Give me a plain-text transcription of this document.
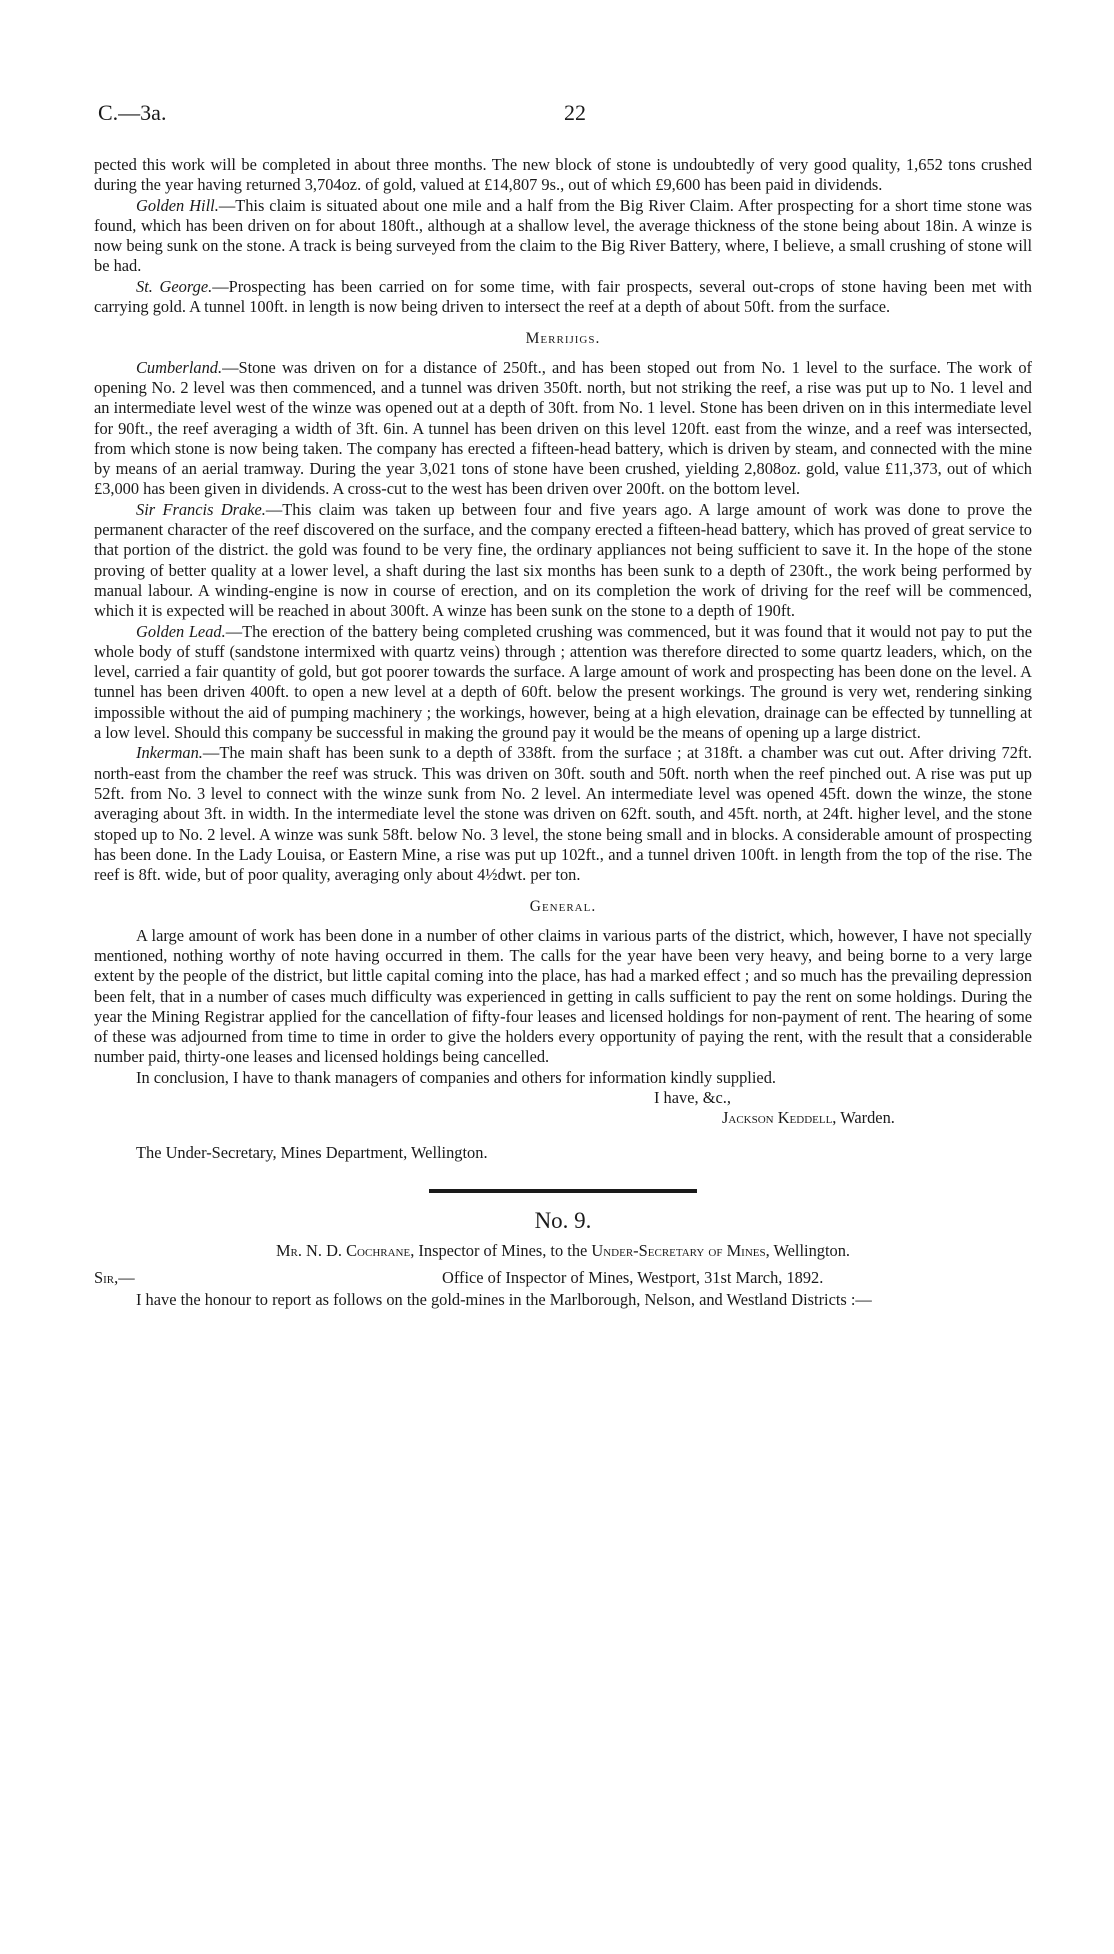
C.—3a.	22

pected this work will be completed in about three months. The new block of stone is undoubtedly of very good quality, 1,652 tons crushed during the year having returned 3,704oz. of gold, valued at £14,807 9s., out of which £9,600 has been paid in dividends.

Golden Hill.—This claim is situated about one mile and a half from the Big River Claim. After prospecting for a short time stone was found, which has been driven on for about 180ft., although at a shallow level, the average thickness of the stone being about 18in. A winze is now being sunk on the stone. A track is being surveyed from the claim to the Big River Battery, where, I believe, a small crushing of stone will be had.

St. George.—Prospecting has been carried on for some time, with fair prospects, several out-crops of stone having been met with carrying gold. A tunnel 100ft. in length is now being driven to intersect the reef at a depth of about 50ft. from the surface.

Merrijigs.

Cumberland.—Stone was driven on for a distance of 250ft., and has been stoped out from No. 1 level to the surface. The work of opening No. 2 level was then commenced, and a tunnel was driven 350ft. north, but not striking the reef, a rise was put up to No. 1 level and an intermediate level west of the winze was opened out at a depth of 30ft. from No. 1 level. Stone has been driven on in this intermediate level for 90ft., the reef averaging a width of 3ft. 6in. A tunnel has been driven on this level 120ft. east from the winze, and a reef was intersected, from which stone is now being taken. The company has erected a fifteen-head battery, which is driven by steam, and connected with the mine by means of an aerial tramway. During the year 3,021 tons of stone have been crushed, yielding 2,808oz. gold, value £11,373, out of which £3,000 has been given in dividends. A cross-cut to the west has been driven over 200ft. on the bottom level.

Sir Francis Drake.—This claim was taken up between four and five years ago. A large amount of work was done to prove the permanent character of the reef discovered on the surface, and the company erected a fifteen-head battery, which has proved of great service to that portion of the district. the gold was found to be very fine, the ordinary appliances not being sufficient to save it. In the hope of the stone proving of better quality at a lower level, a shaft during the last six months has been sunk to a depth of 230ft., the work being performed by manual labour. A winding-engine is now in course of erection, and on its completion the work of driving for the reef will be commenced, which it is expected will be reached in about 300ft. A winze has been sunk on the stone to a depth of 190ft.

Golden Lead.—The erection of the battery being completed crushing was commenced, but it was found that it would not pay to put the whole body of stuff (sandstone intermixed with quartz veins) through ; attention was therefore directed to some quartz leaders, which, on the level, carried a fair quantity of gold, but got poorer towards the surface. A large amount of work and prospecting has been done on the level. A tunnel has been driven 400ft. to open a new level at a depth of 60ft. below the present workings. The ground is very wet, rendering sinking impossible without the aid of pumping machinery ; the workings, however, being at a high elevation, drainage can be effected by tunnelling at a low level. Should this company be successful in making the ground pay it would be the means of opening up a large district.

Inkerman.—The main shaft has been sunk to a depth of 338ft. from the surface ; at 318ft. a chamber was cut out. After driving 72ft. north-east from the chamber the reef was struck. This was driven on 30ft. south and 50ft. north when the reef pinched out. A rise was put up 52ft. from No. 3 level to connect with the winze sunk from No. 2 level. An intermediate level was opened 45ft. down the winze, the stone averaging about 3ft. in width. In the intermediate level the stone was driven on 62ft. south, and 45ft. north, at 24ft. higher level, and the stone stoped up to No. 2 level. A winze was sunk 58ft. below No. 3 level, the stone being small and in blocks. A considerable amount of prospecting has been done. In the Lady Louisa, or Eastern Mine, a rise was put up 102ft., and a tunnel driven 100ft. in length from the top of the rise. The reef is 8ft. wide, but of poor quality, averaging only about 4½dwt. per ton.

General.

A large amount of work has been done in a number of other claims in various parts of the district, which, however, I have not specially mentioned, nothing worthy of note having occurred in them. The calls for the year have been very heavy, and being borne to a very large extent by the people of the district, but little capital coming into the place, has had a marked effect ; and so much has the prevailing depression been felt, that in a number of cases much difficulty was experienced in getting in calls sufficient to pay the rent on some holdings. During the year the Mining Registrar applied for the cancellation of fifty-four leases and licensed holdings for non-payment of rent. The hearing of some of these was adjourned from time to time in order to give the holders every opportunity of paying the rent, with the result that a considerable number paid, thirty-one leases and licensed holdings being cancelled.

In conclusion, I have to thank managers of companies and others for information kindly supplied.

I have, &c.,
Jackson Keddell, Warden.
The Under-Secretary, Mines Department, Wellington.
No. 9.
Mr. N. D. Cochrane, Inspector of Mines, to the Under-Secretary of Mines, Wellington.
Sir,—	Office of Inspector of Mines, Westport, 31st March, 1892.

I have the honour to report as follows on the gold-mines in the Marlborough, Nelson, and Westland Districts :—
